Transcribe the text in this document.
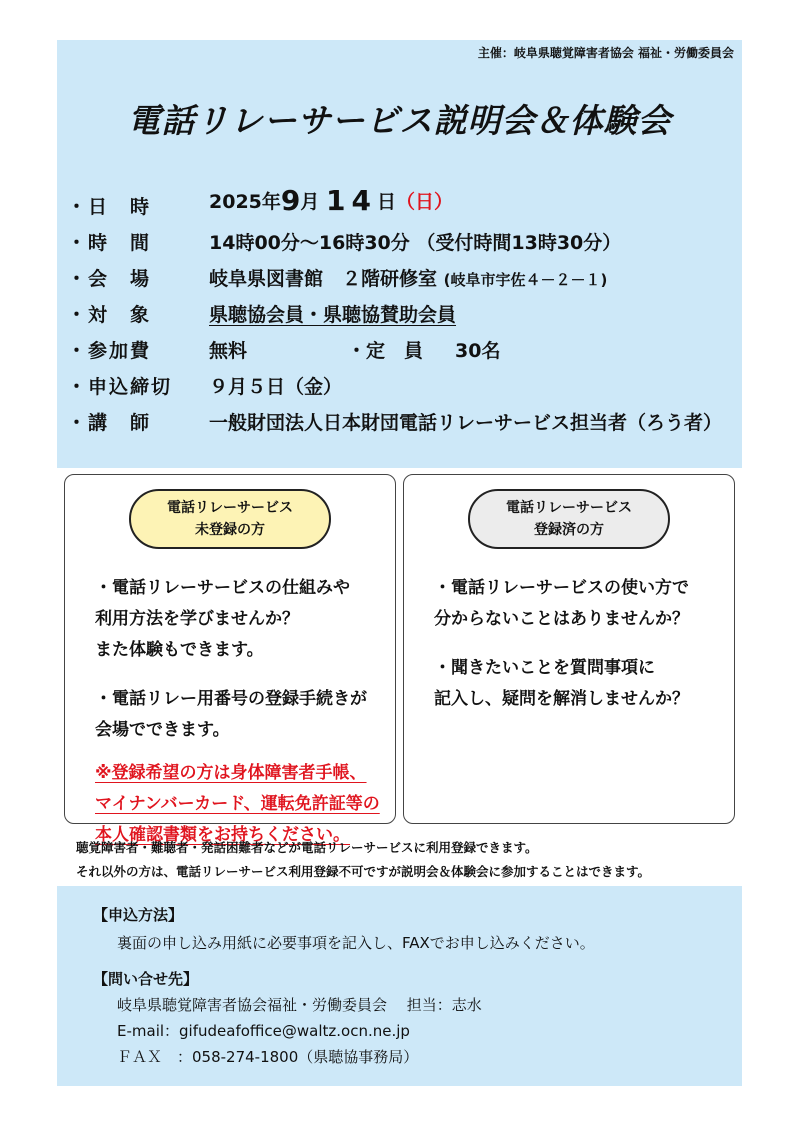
主催：岐阜県聴覚障害者協会 福祉・労働委員会
電話リレーサービス説明会＆体験会
・日　時	2025年9月 14日（日）
・時　間	14時00分～16時30分 （受付時間13時30分）
・会　場	岐阜県図書館　２階研修室 (岐阜市宇佐４－２－１)
・対　象	県聴協会員・県聴協賛助会員
・参加費	無料	・定　員 30名
・申込締切 ９月５日（金）
・講　師	一般財団法人日本財団電話リレーサービス担当者（ろう者）
電話リレーサービス
未登録の方
・電話リレーサービスの仕組みや
利用方法を学びませんか？
また体験もできます。
・電話リレー用番号の登録手続きが
会場でできます。
※登録希望の方は身体障害者手帳、
マイナンバーカード、運転免許証等の
本人確認書類をお持ちください。
電話リレーサービス
登録済の方
・電話リレーサービスの使い方で
分からないことはありませんか？
・聞きたいことを質問事項に
記入し、疑問を解消しませんか？
聴覚障害者・難聴者・発話困難者などが電話リレーサービスに利用登録できます。
それ以外の方は、電話リレーサービス利用登録不可ですが説明会＆体験会に参加することはできます。
【申込方法】
裏面の申し込み用紙に必要事項を記入し、FAXでお申し込みください。
【問い合せ先】
岐阜県聴覚障害者協会福祉・労働委員会　 担当：志水
E-mail：gifudeafoffice@waltz.ocn.ne.jp
ＦＡＸ　：058-274-1800（県聴協事務局）
